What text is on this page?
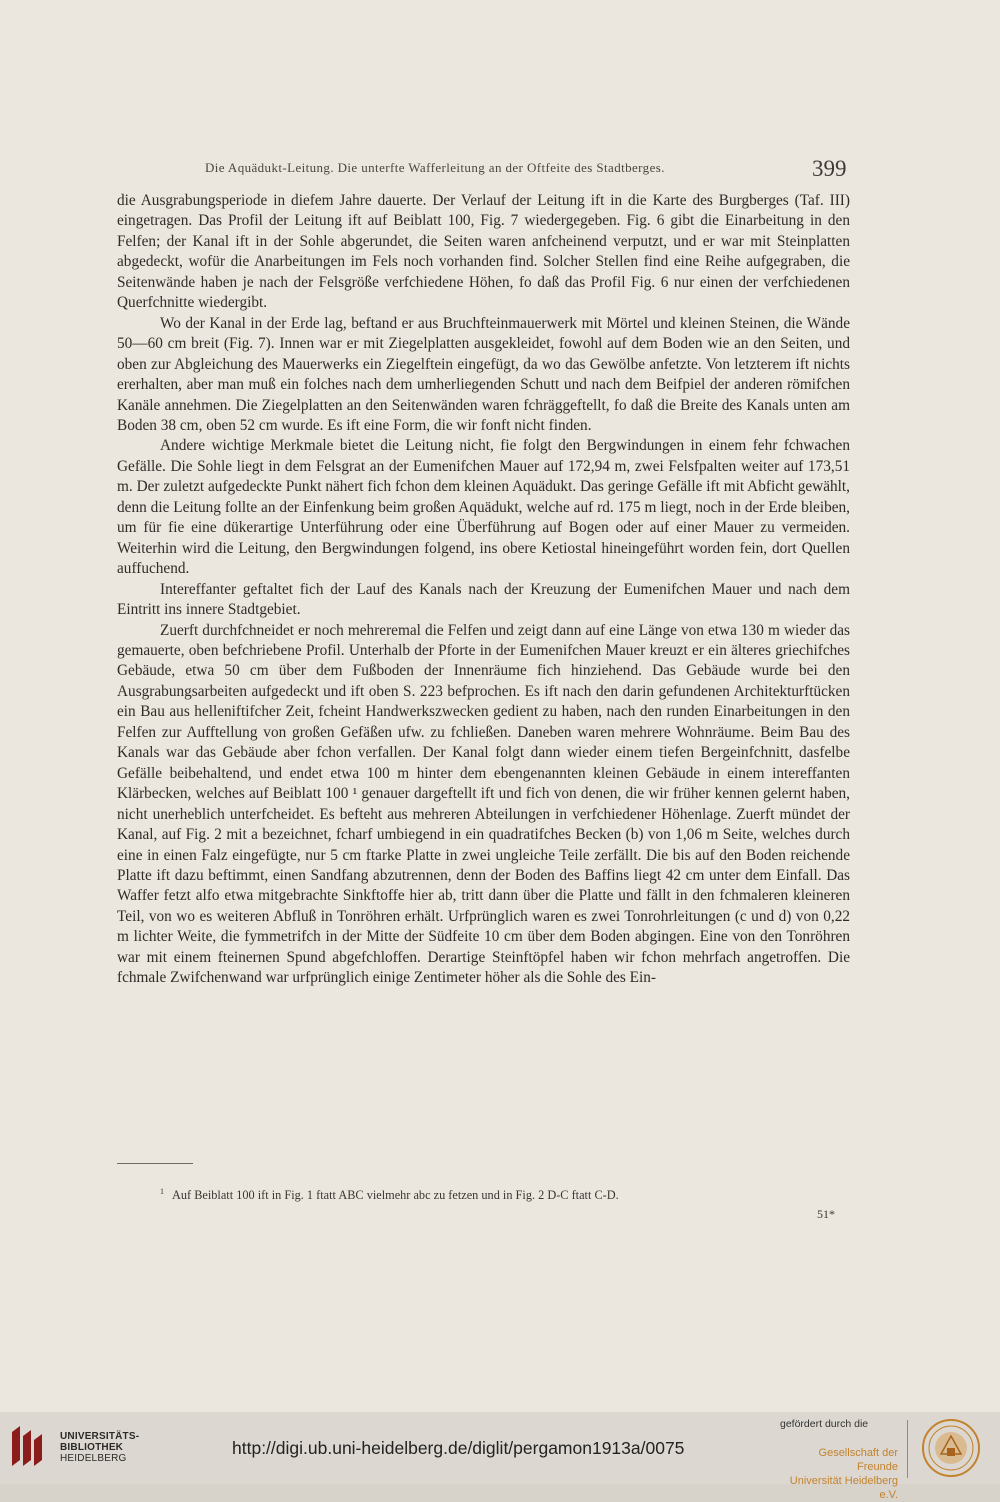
Die Aquädukt-Leitung. Die unterfte Wafferleitung an der Oftfeite des Stadtberges.	399

die Ausgrabungsperiode in diefem Jahre dauerte. Der Verlauf der Leitung ift in die Karte des Burgberges (Taf. III) eingetragen. Das Profil der Leitung ift auf Beiblatt 100, Fig. 7 wiedergegeben. Fig. 6 gibt die Einarbeitung in den Felfen; der Kanal ift in der Sohle abgerundet, die Seiten waren anfcheinend verputzt, und er war mit Steinplatten abgedeckt, wofür die Anarbeitungen im Fels noch vorhanden find. Solcher Stellen find eine Reihe aufgegraben, die Seitenwände haben je nach der Felsgröße verfchiedene Höhen, fo daß das Profil Fig. 6 nur einen der verfchiedenen Querfchnitte wiedergibt.

Wo der Kanal in der Erde lag, beftand er aus Bruchfteinmauerwerk mit Mörtel und kleinen Steinen, die Wände 50—60 cm breit (Fig. 7). Innen war er mit Ziegelplatten ausgekleidet, fowohl auf dem Boden wie an den Seiten, und oben zur Abgleichung des Mauerwerks ein Ziegelftein eingefügt, da wo das Gewölbe anfetzte. Von letzterem ift nichts ererhalten, aber man muß ein folches nach dem umherliegenden Schutt und nach dem Beifpiel der anderen römifchen Kanäle annehmen. Die Ziegelplatten an den Seitenwänden waren fchräggeftellt, fo daß die Breite des Kanals unten am Boden 38 cm, oben 52 cm wurde. Es ift eine Form, die wir fonft nicht finden.

Andere wichtige Merkmale bietet die Leitung nicht, fie folgt den Bergwindungen in einem fehr fchwachen Gefälle. Die Sohle liegt in dem Felsgrat an der Eumenifchen Mauer auf 172,94 m, zwei Felsfpalten weiter auf 173,51 m. Der zuletzt aufgedeckte Punkt nähert fich fchon dem kleinen Aquädukt. Das geringe Gefälle ift mit Abficht gewählt, denn die Leitung follte an der Einfenkung beim großen Aquädukt, welche auf rd. 175 m liegt, noch in der Erde bleiben, um für fie eine dükerartige Unterführung oder eine Überführung auf Bogen oder auf einer Mauer zu vermeiden. Weiterhin wird die Leitung, den Bergwindungen folgend, ins obere Ketiostal hineingeführt worden fein, dort Quellen auffuchend.

Intereffanter geftaltet fich der Lauf des Kanals nach der Kreuzung der Eumenifchen Mauer und nach dem Eintritt ins innere Stadtgebiet.

Zuerft durchfchneidet er noch mehreremal die Felfen und zeigt dann auf eine Länge von etwa 130 m wieder das gemauerte, oben befchriebene Profil. Unterhalb der Pforte in der Eumenifchen Mauer kreuzt er ein älteres griechifches Gebäude, etwa 50 cm über dem Fußboden der Innenräume fich hinziehend. Das Gebäude wurde bei den Ausgrabungsarbeiten aufgedeckt und ift oben S. 223 befprochen. Es ift nach den darin gefundenen Architekturftücken ein Bau aus helleniftifcher Zeit, fcheint Handwerkszwecken gedient zu haben, nach den runden Einarbeitungen in den Felfen zur Aufftellung von großen Gefäßen ufw. zu fchließen. Daneben waren mehrere Wohnräume. Beim Bau des Kanals war das Gebäude aber fchon verfallen. Der Kanal folgt dann wieder einem tiefen Bergeinfchnitt, dasfelbe Gefälle beibehaltend, und endet etwa 100 m hinter dem ebengenannten kleinen Gebäude in einem intereffanten Klärbecken, welches auf Beiblatt 100 ¹ genauer dargeftellt ift und fich von denen, die wir früher kennen gelernt haben, nicht unerheblich unterfcheidet. Es befteht aus mehreren Abteilungen in verfchiedener Höhenlage. Zuerft mündet der Kanal, auf Fig. 2 mit a bezeichnet, fcharf umbiegend in ein quadratifches Becken (b) von 1,06 m Seite, welches durch eine in einen Falz eingefügte, nur 5 cm ftarke Platte in zwei ungleiche Teile zerfällt. Die bis auf den Boden reichende Platte ift dazu beftimmt, einen Sandfang abzutrennen, denn der Boden des Baffins liegt 42 cm unter dem Einfall. Das Waffer fetzt alfo etwa mitgebrachte Sinkftoffe hier ab, tritt dann über die Platte und fällt in den fchmaleren kleineren Teil, von wo es weiteren Abfluß in Tonröhren erhält. Urfprünglich waren es zwei Tonrohrleitungen (c und d) von 0,22 m lichter Weite, die fymmetrifch in der Mitte der Südfeite 10 cm über dem Boden abgingen. Eine von den Tonröhren war mit einem fteinernen Spund abgefchloffen. Derartige Steinftöpfel haben wir fchon mehrfach angetroffen. Die fchmale Zwifchenwand war urfprünglich einige Zentimeter höher als die Sohle des Ein-

$^1$ Auf Beiblatt 100 ift in Fig. 1 ftatt ABC vielmehr abc zu fetzen und in Fig. 2 D-C ftatt C-D.
51*
UNIVERSITÄTS-
BIBLIOTHEK
HEIDELBERG
http://digi.ub.uni-heidelberg.de/diglit/pergamon1913a/0075
gefördert durch die
Gesellschaft der Freunde
Universität Heidelberg e.V.
